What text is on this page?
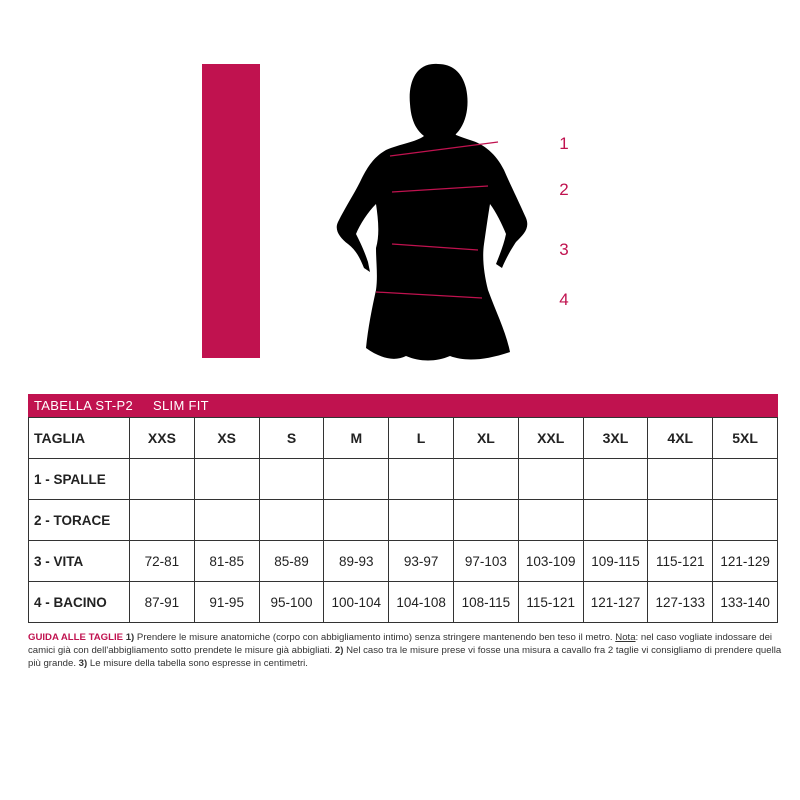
SIZE TABLES AND CORRESPONDENCES	1
2
3
4
TABELLA ST-P2 SLIM FIT
TAGLIA	XXS	XS	S	M	L	XL	XXL	3XL	4XL	5XL
1 - SPALLE										
2 - TORACE										
3 - VITA	72-81	81-85	85-89	89-93	93-97	97-103	103-109	109-115	115-121	121-129
4 - BACINO	87-91	91-95	95-100	100-104	104-108	108-115	115-121	121-127	127-133	133-140
GUIDA ALLE TAGLIE 1) Prendere le misure anatomiche (corpo con abbigliamento intimo) senza stringere mantenendo ben teso il metro. Nota: nel caso vogliate indossare dei camici già con dell'abbigliamento sotto prendete le misure già abbigliati. 2) Nel caso tra le misure prese vi fosse una misura a cavallo fra 2 taglie vi consigliamo di prendere quella più grande. 3) Le misure della tabella sono espresse in centimetri.
